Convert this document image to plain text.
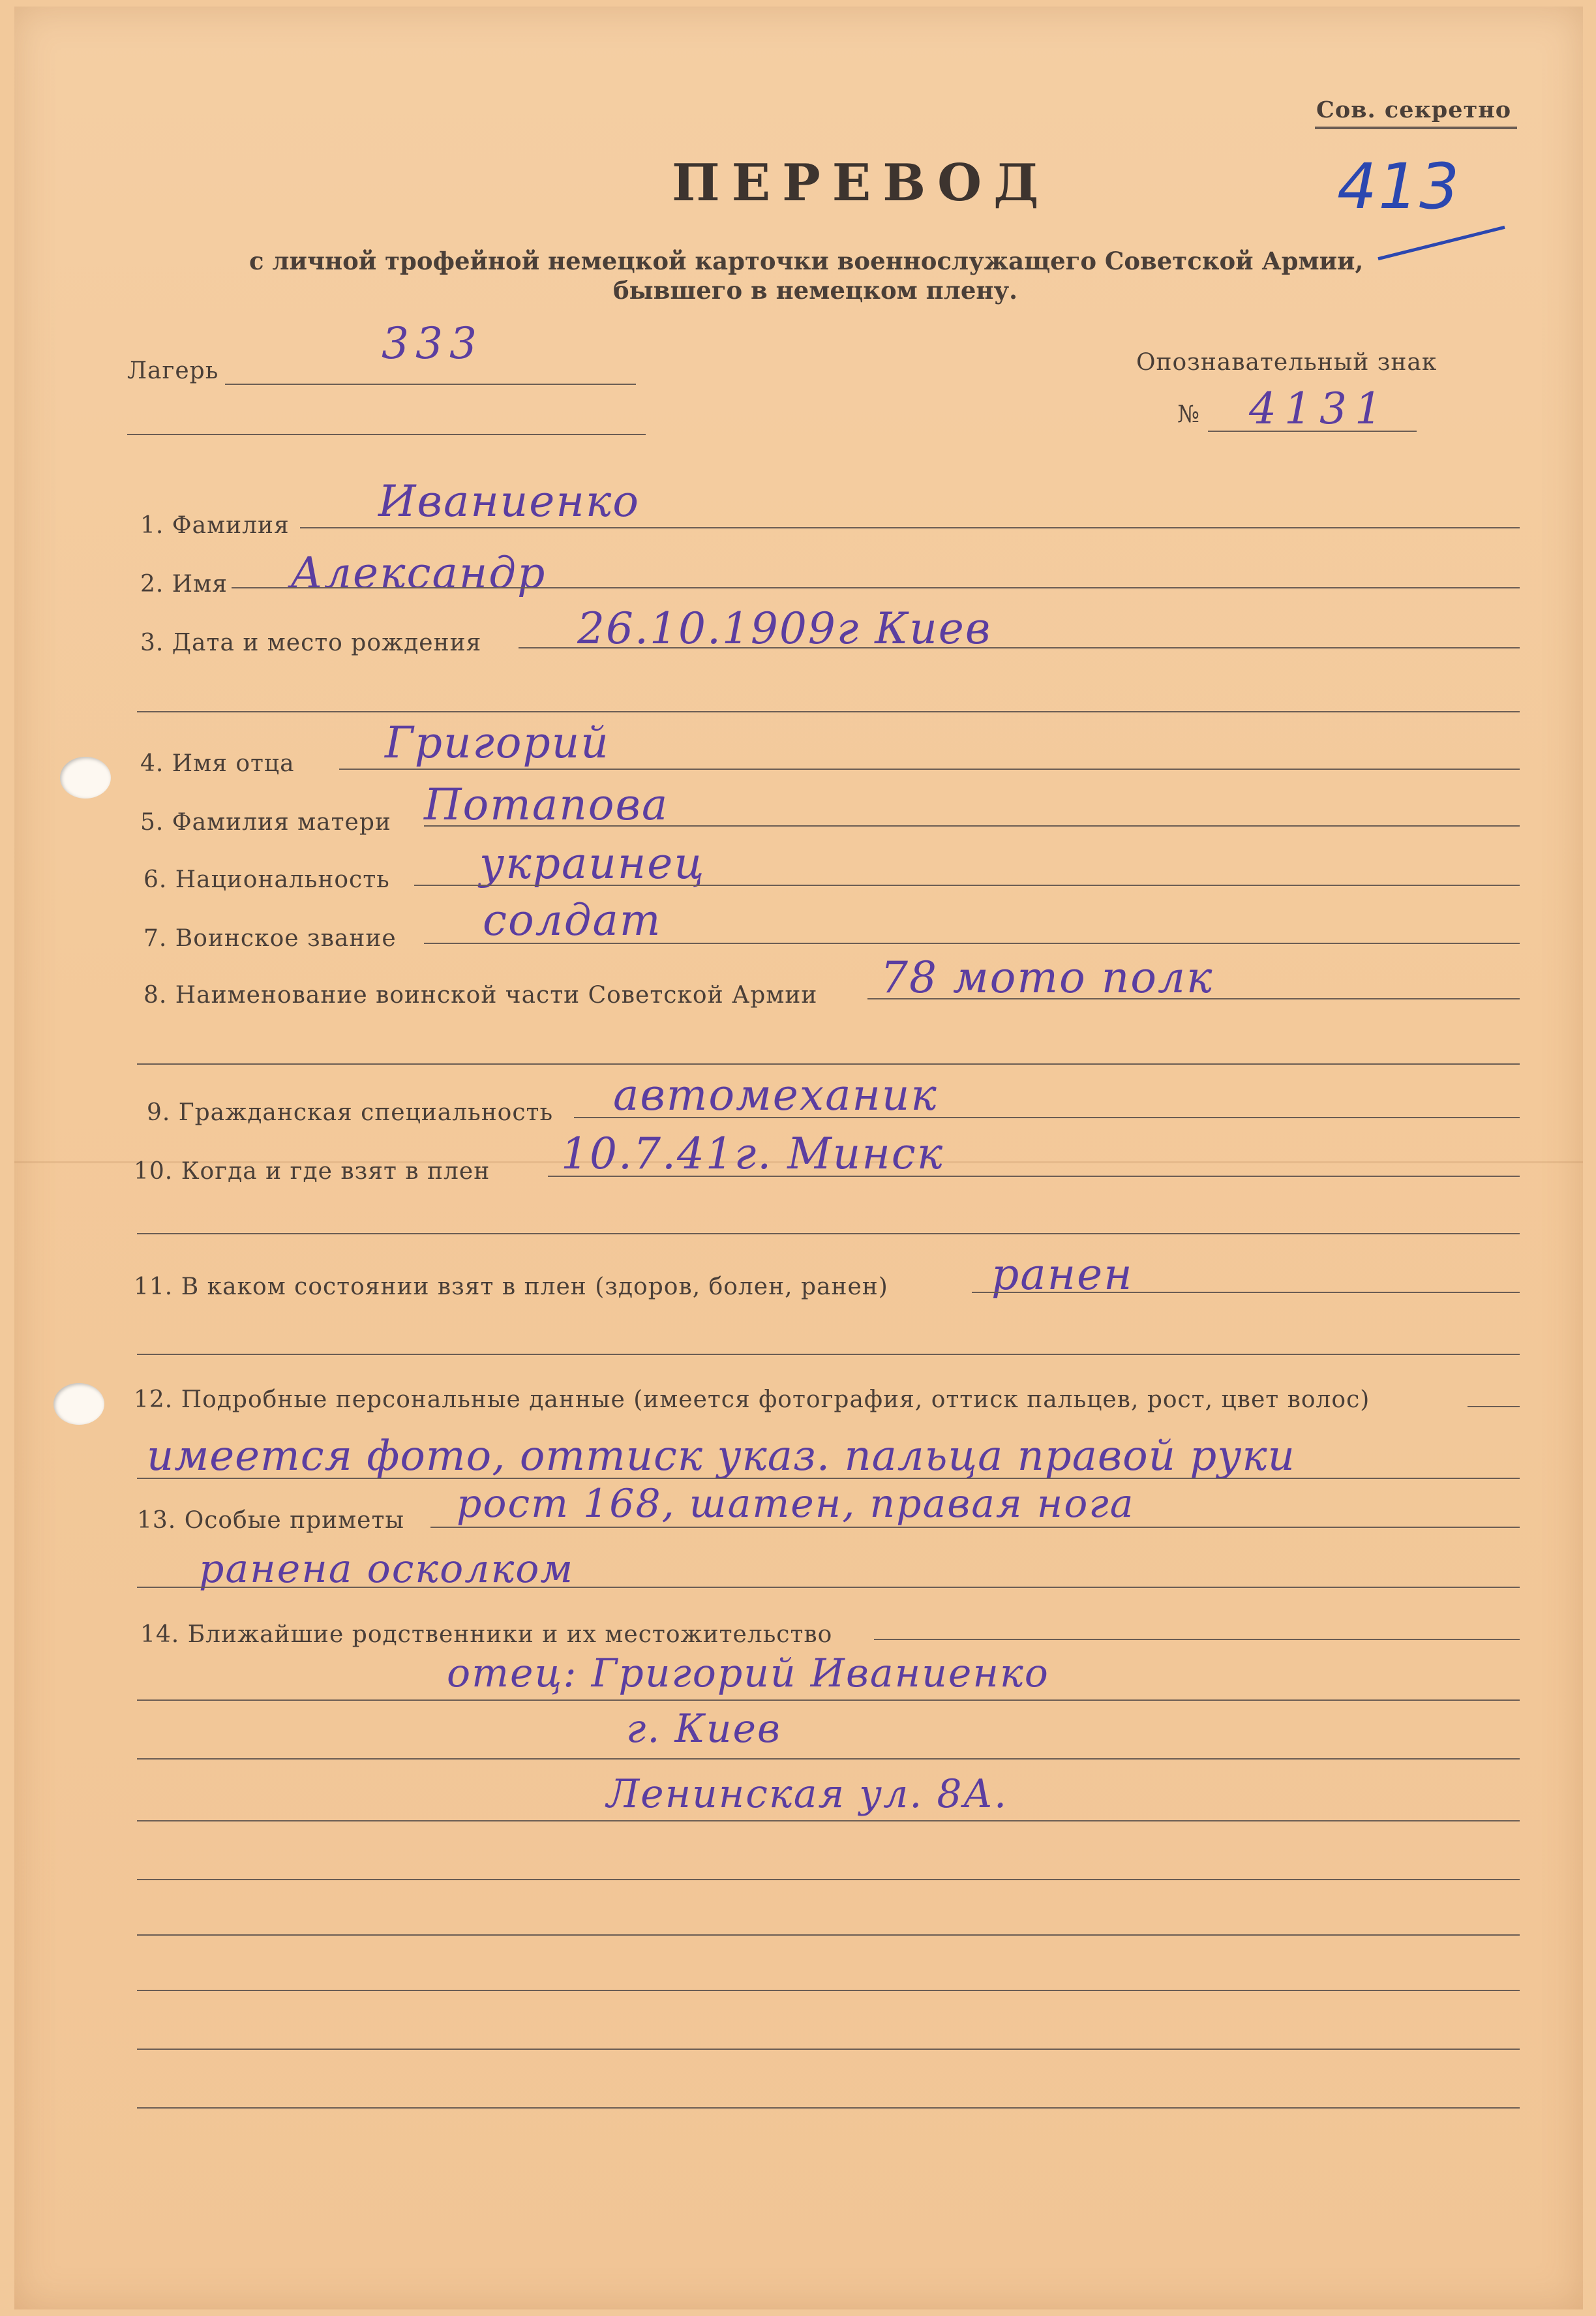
Сов. секретно
413
ПЕРЕВОД
с личной трофейной немецкой карточки военнослужащего Советской Армии,
бывшего в немецком плену.
Лагерь
333	Опознавательный знак
№ 4131
1. Фамилия Иваниенко
2. Имя Александр
3. Дата и место рождения 26.10.1909г Киев
4. Имя отца Григорий
5. Фамилия матери Потапова
6. Национальность украинец
7. Воинское звание солдат
8. Наименование воинской части Советской Армии 78 мото полк
9. Гражданская специальность автомеханик
10. Когда и где взят в плен 10.7.41г. Минск
11. В каком состоянии взят в плен (здоров, болен, ранен) ранен
12. Подробные персональные данные (имеется фотография, оттиск пальцев, рост, цвет волос)
имеется фото, оттиск указ. пальца правой руки
13. Особые приметы рост 168, шатен, правая нога
ранена осколком
14. Ближайшие родственники и их местожительство
отец: Григорий Иваниенко
г. Киев
Ленинская ул. 8А.
